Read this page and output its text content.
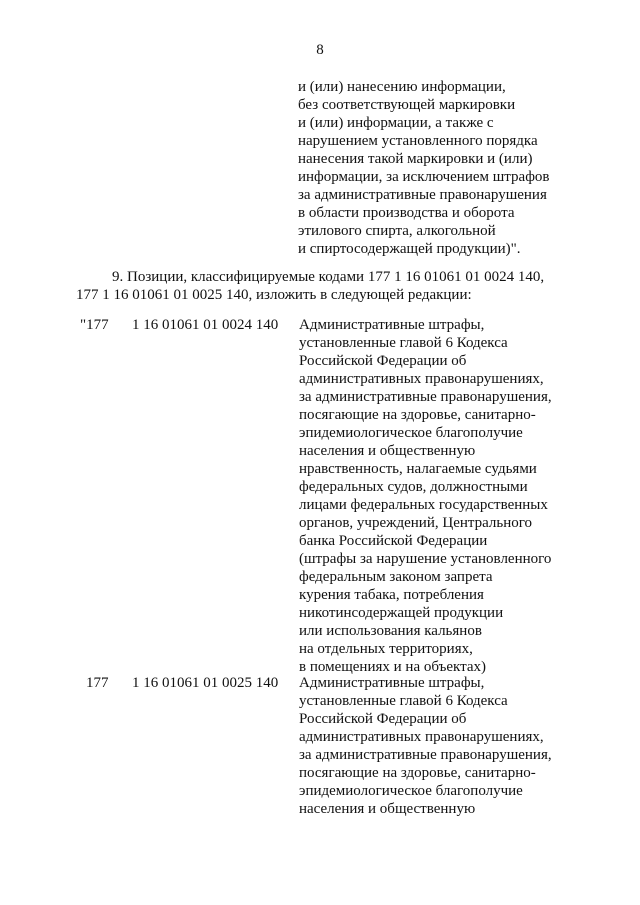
8
и (или) нанесению информации,
без соответствующей маркировки
и (или) информации, а также с
нарушением установленного порядка
нанесения такой маркировки и (или)
информации, за исключением штрафов
за административные правонарушения
в области производства и оборота
этилового спирта, алкогольной
и спиртосодержащей продукции)".
9. Позиции, классифицируемые кодами 177 1 16 01061 01 0024 140,
177 1 16 01061 01 0025 140, изложить в следующей редакции:
"177 1 16 01061 01 0024 140 Административные штрафы,
установленные главой 6 Кодекса
Российской Федерации об
административных правонарушениях,
за административные правонарушения,
посягающие на здоровье, санитарно-
эпидемиологическое благополучие
населения и общественную
нравственность, налагаемые судьями
федеральных судов, должностными
лицами федеральных государственных
органов, учреждений, Центрального
банка Российской Федерации
(штрафы за нарушение установленного
федеральным законом запрета
курения табака, потребления
никотинсодержащей продукции
или использования кальянов
на отдельных территориях,
в помещениях и на объектах)
177 1 16 01061 01 0025 140 Административные штрафы,
установленные главой 6 Кодекса
Российской Федерации об
административных правонарушениях,
за административные правонарушения,
посягающие на здоровье, санитарно-
эпидемиологическое благополучие
населения и общественную
